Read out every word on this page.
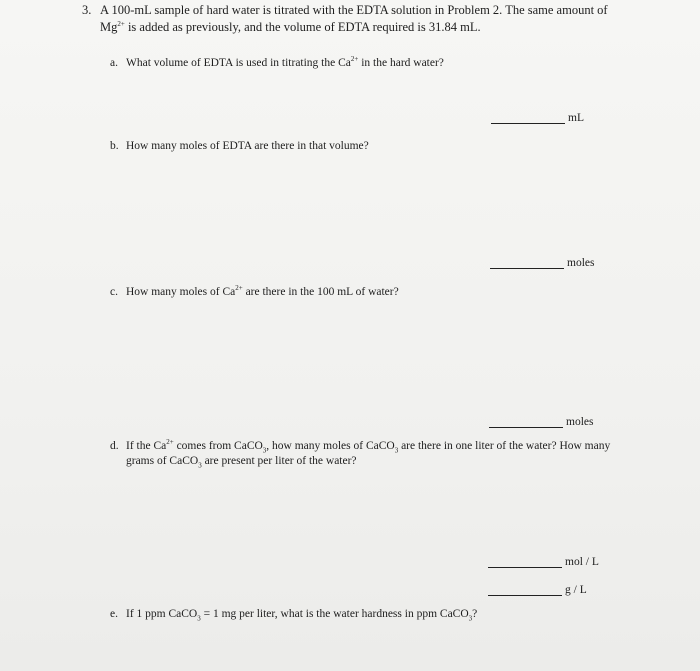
3. A 100-mL sample of hard water is titrated with the EDTA solution in Problem 2. The same amount of
$Mg^{2+}$ is added as previously, and the volume of EDTA required is 31.84 mL.
a. What volume of EDTA is used in titrating the $Ca^{2+}$ in the hard water?
mL
b. How many moles of EDTA are there in that volume?
moles
c. How many moles of $Ca^{2+}$ are there in the 100 mL of water?
moles
d. If the $Ca^{2+}$ comes from CaCO$_3$, how many moles of CaCO$_3$ are there in one liter of the water? How many grams of CaCO$_3$ are present per liter of the water?
mol / L
g / L
e. If 1 ppm CaCO$_3$ = 1 mg per liter, what is the water hardness in ppm CaCO$_3$?
